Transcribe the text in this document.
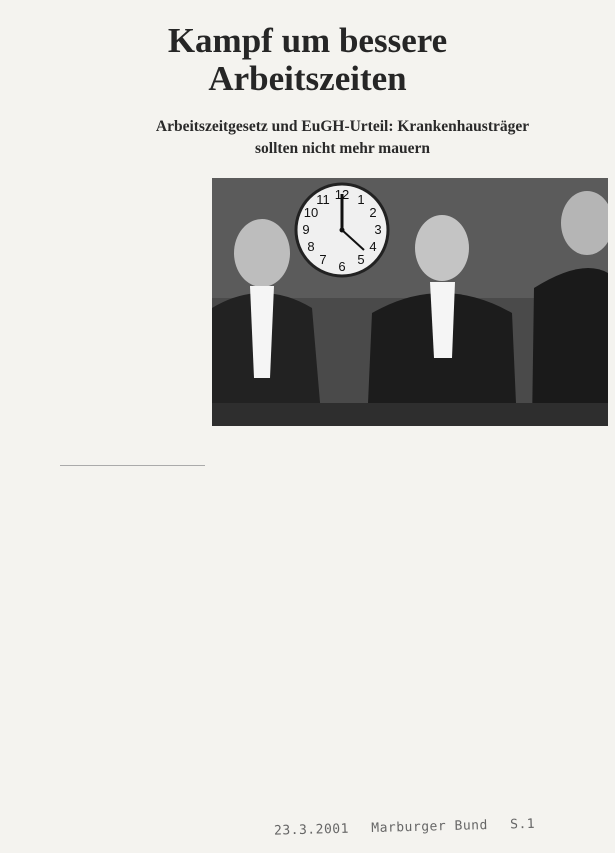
Kampf um bessere
Arbeitszeiten
Arbeitszeitgesetz und EuGH-Urteil: Krankenhausträger
sollten nicht mehr mauern
12 1
2
3
4
5
6
7
8
9
10
11
23.3.2001 Marburger Bund S.1
